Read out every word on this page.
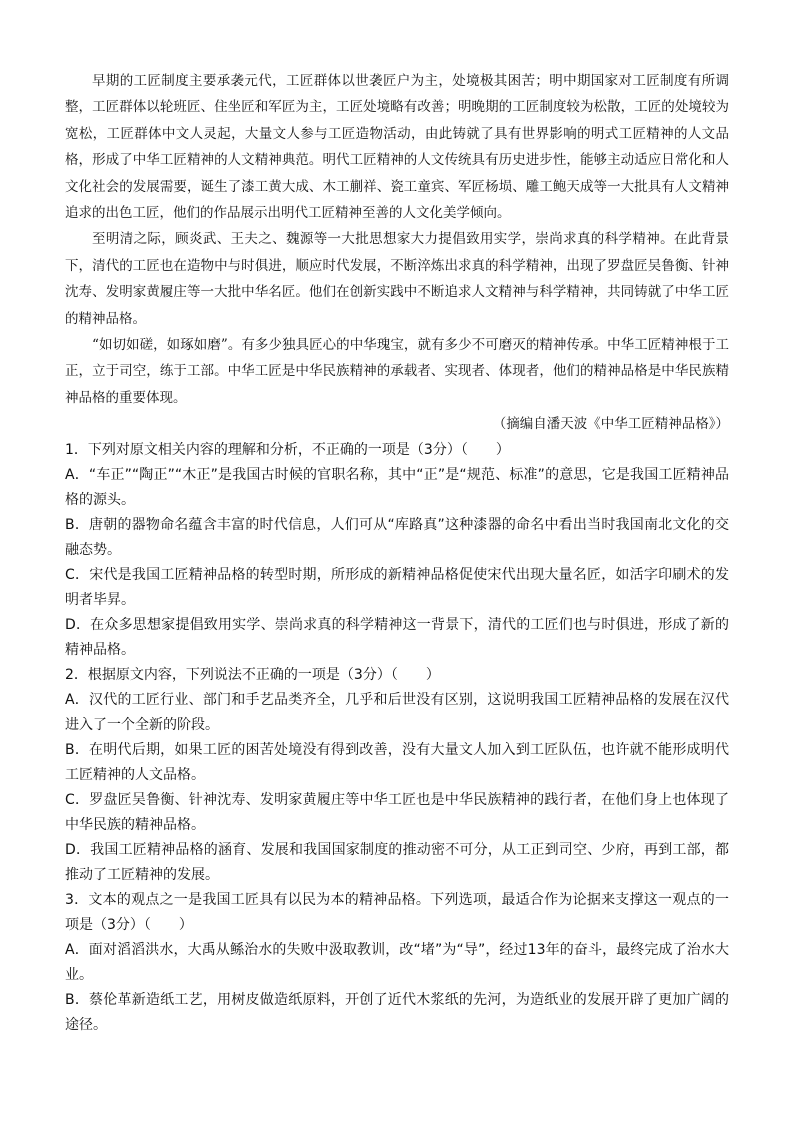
早期的工匠制度主要承袭元代，工匠群体以世袭匠户为主，处境极其困苦；明中期国家对工匠制度有所调整，工匠群体以轮班匠、住坐匠和军匠为主，工匠处境略有改善；明晚期的工匠制度较为松散，工匠的处境较为宽松，工匠群体中文人灵起，大量文人参与工匠造物活动，由此铸就了具有世界影响的明式工匠精神的人文品格，形成了中华工匠精神的人文精神典范。明代工匠精神的人文传统具有历史进步性，能够主动适应日常化和人文化社会的发展需要，诞生了漆工黄大成、木工蒯祥、瓷工童宾、军匠杨埙、雕工鲍天成等一大批具有人文精神追求的出色工匠，他们的作品展示出明代工匠精神至善的人文化美学倾向。

至明清之际，顾炎武、王夫之、魏源等一大批思想家大力提倡致用实学，崇尚求真的科学精神。在此背景下，清代的工匠也在造物中与时俱进，顺应时代发展，不断淬炼出求真的科学精神，出现了罗盘匠吴鲁衡、针神沈寿、发明家黄履庄等一大批中华名匠。他们在创新实践中不断追求人文精神与科学精神，共同铸就了中华工匠的精神品格。

“如切如磋，如琢如磨”。有多少独具匠心的中华瑰宝，就有多少不可磨灭的精神传承。中华工匠精神根于工正，立于司空，练于工部。中华工匠是中华民族精神的承载者、实现者、体现者，他们的精神品格是中华民族精神品格的重要体现。

（摘编自潘天波《中华工匠精神品格》）

1．下列对原文相关内容的理解和分析，不正确的一项是（3分）（　　）

A．“车正”“陶正”“木正”是我国古时候的官职名称，其中“正”是“规范、标准”的意思，它是我国工匠精神品格的源头。

B．唐朝的器物命名蕴含丰富的时代信息，人们可从“库路真”这种漆器的命名中看出当时我国南北文化的交融态势。

C．宋代是我国工匠精神品格的转型时期，所形成的新精神品格促使宋代出现大量名匠，如活字印刷术的发明者毕昇。

D．在众多思想家提倡致用实学、崇尚求真的科学精神这一背景下，清代的工匠们也与时俱进，形成了新的精神品格。

2．根据原文内容，下列说法不正确的一项是（3分）（　　）

A．汉代的工匠行业、部门和手艺品类齐全，几乎和后世没有区别，这说明我国工匠精神品格的发展在汉代进入了一个全新的阶段。

B．在明代后期，如果工匠的困苦处境没有得到改善，没有大量文人加入到工匠队伍，也许就不能形成明代工匠精神的人文品格。

C．罗盘匠吴鲁衡、针神沈寿、发明家黄履庄等中华工匠也是中华民族精神的践行者，在他们身上也体现了中华民族的精神品格。

D．我国工匠精神品格的涵育、发展和我国国家制度的推动密不可分，从工正到司空、少府，再到工部，都推动了工匠精神的发展。

3．文本的观点之一是我国工匠具有以民为本的精神品格。下列选项，最适合作为论据来支撑这一观点的一项是（3分）（　　）

A．面对滔滔洪水，大禹从鲧治水的失败中汲取教训，改“堵”为“导”，经过13年的奋斗，最终完成了治水大业。

B．蔡伦革新造纸工艺，用树皮做造纸原料，开创了近代木浆纸的先河，为造纸业的发展开辟了更加广阔的途径。
